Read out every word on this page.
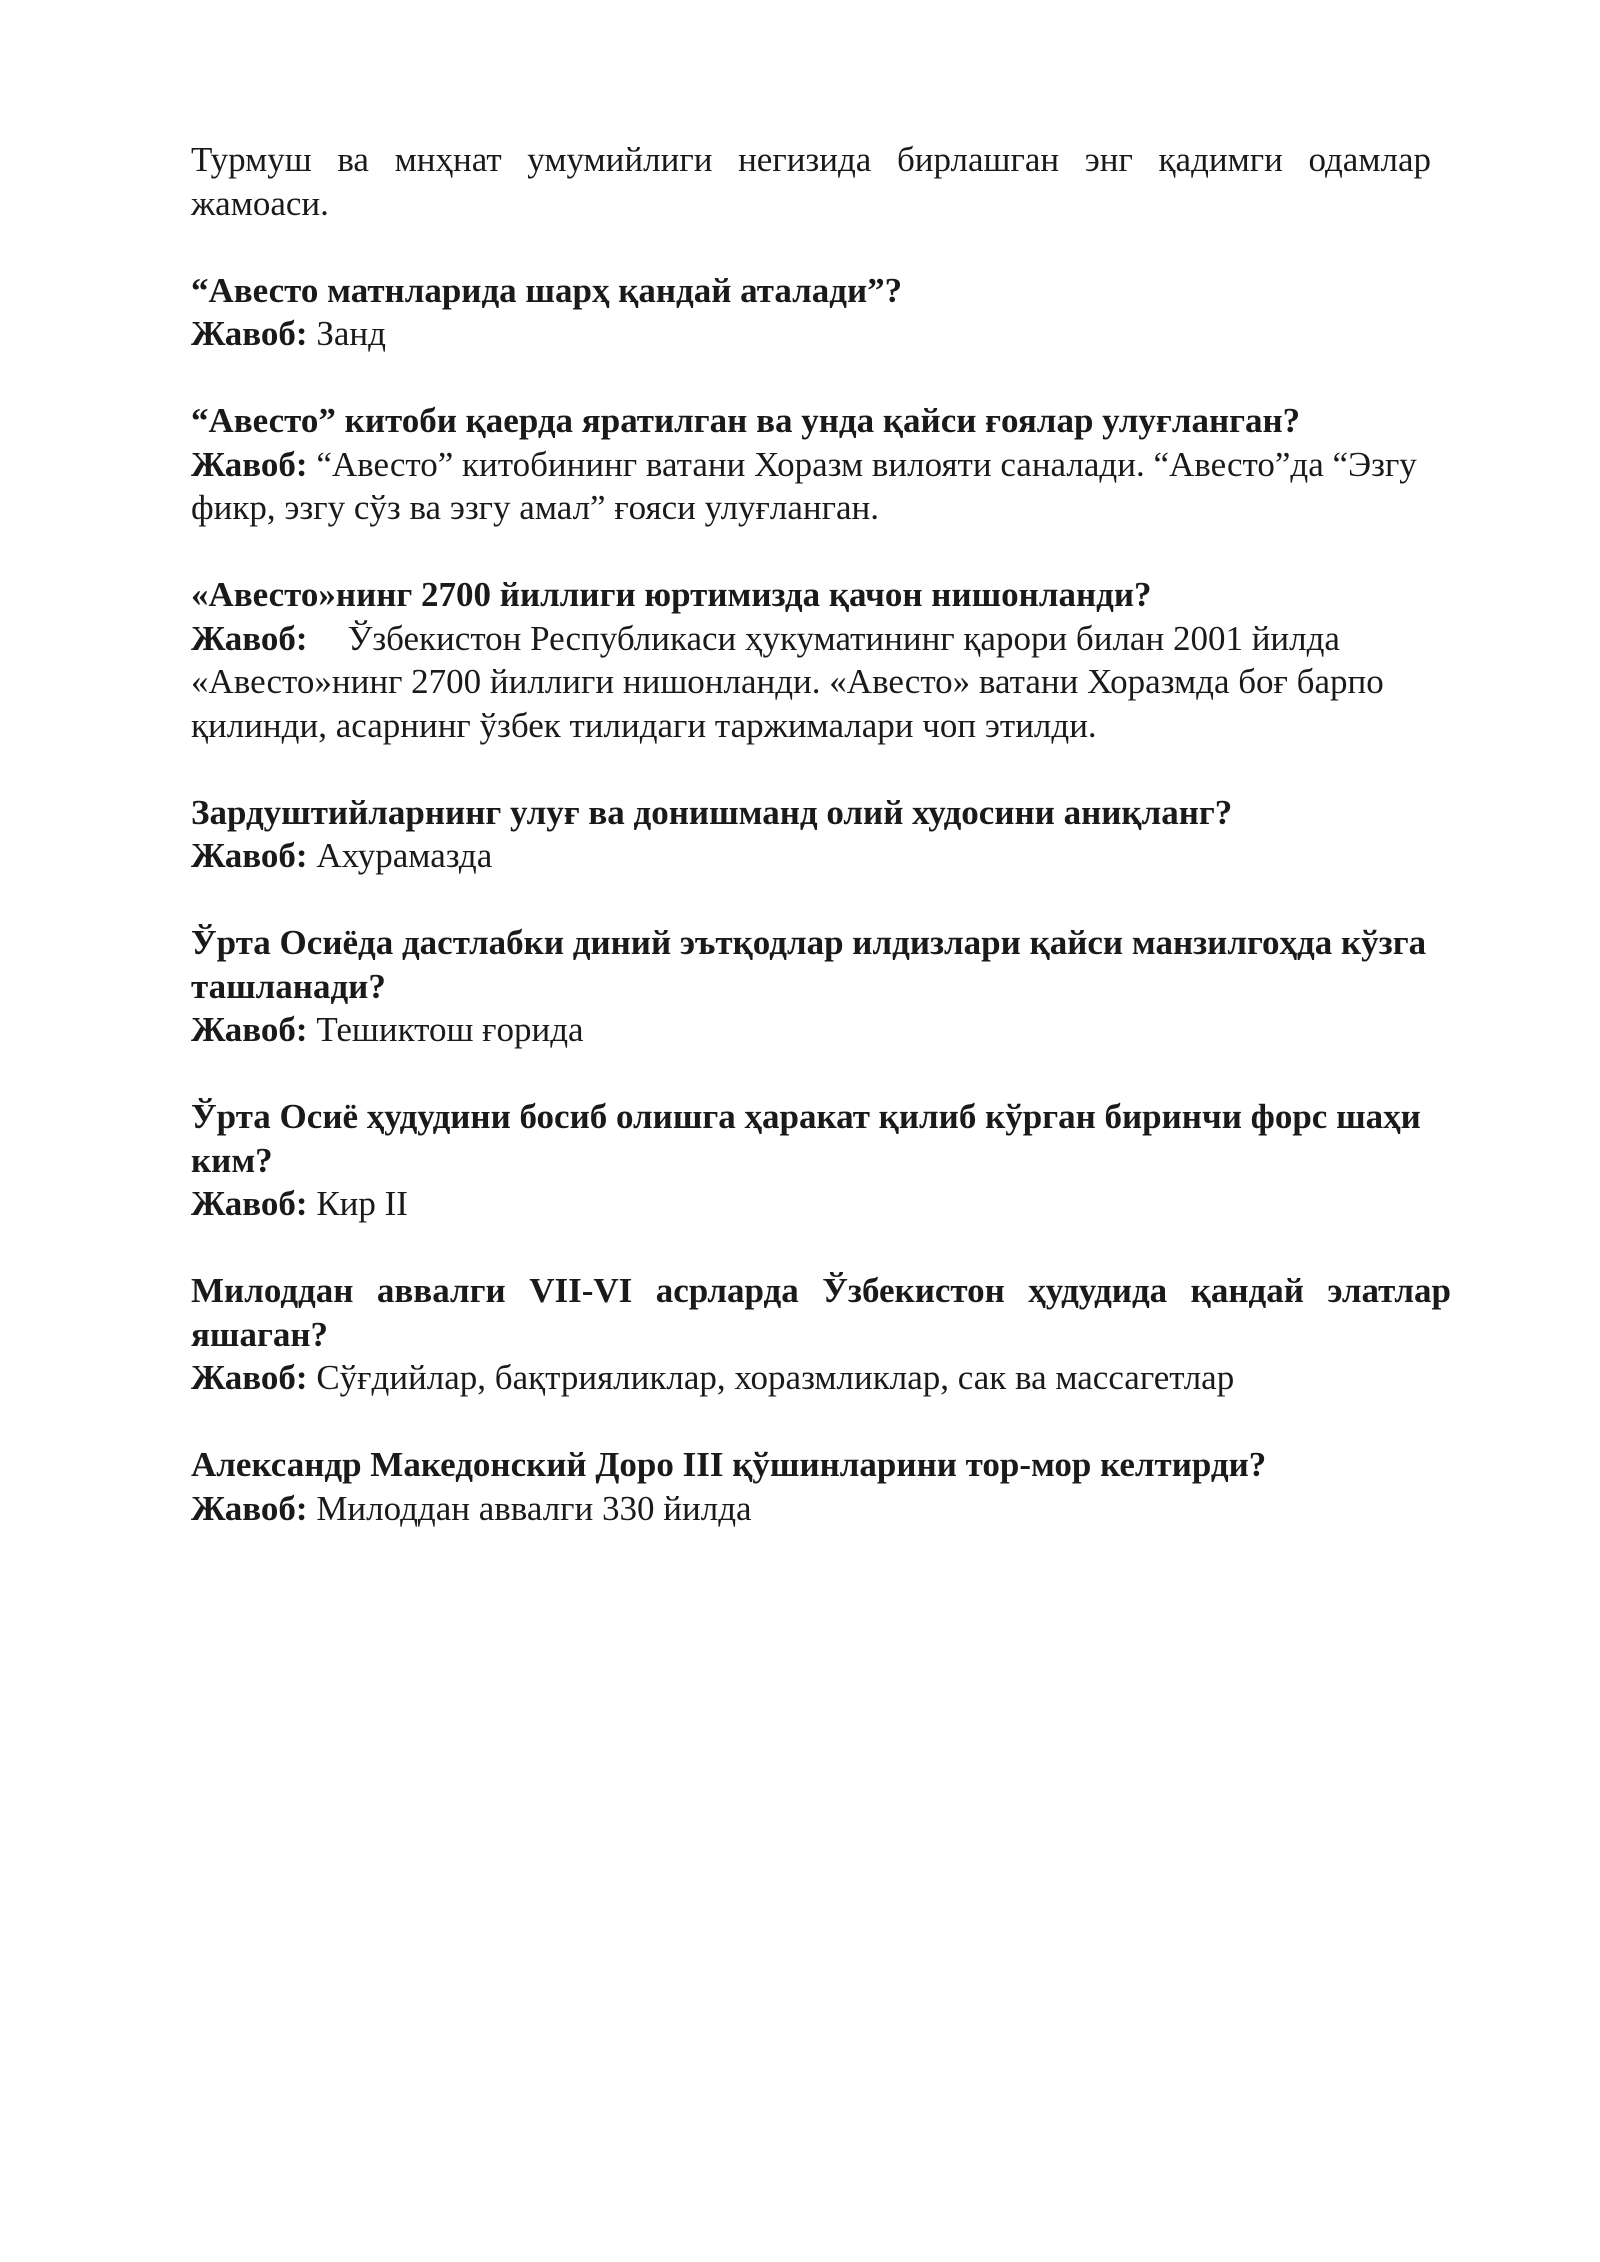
Турмуш ва мнҳнат умумийлиги негизида бирлашган энг қадимги одамлар жамоаси.

“Авесто матнларида шарҳ қандай аталади”?

Жавоб: Занд

“Авесто” китоби қаерда яратилган ва унда қайси ғоялар улуғланган?

Жавоб: “Авесто” китобининг ватани Хоразм вилояти саналади. “Авесто”да “Эзгу фикр, эзгу сўз ва эзгу амал” ғояси улуғланган.

«Авесто»нинг 2700 йиллиги юртимизда қачон нишонланди?

Жавоб: Ўзбекистон Республикаси ҳукуматининг қарори билан 2001 йилда «Авесто»нинг 2700 йиллиги нишонланди. «Авесто» ватани Хоразмда боғ барпо қилинди, асарнинг ўзбек тилидаги таржималари чоп этилди.

Зардуштийларнинг улуғ ва донишманд олий худосини аниқланг?

Жавоб: Ахурамазда

Ўрта Осиёда дастлабки диний эътқодлар илдизлари қайси манзилгоҳда кўзга ташланади?

Жавоб: Тешиктош ғорида

Ўрта Осиё ҳудудини босиб олишга ҳаракат қилиб кўрган биринчи форс шаҳи ким?

Жавоб: Кир II

Милоддан аввалги VII-VI асрларда Ўзбекистон ҳудудида қандай элатлар яшаган?

Жавоб: Сўғдийлар, бақтрияликлар, хоразмликлар, сак ва массагетлар

Александр Македонский Доро III қўшинларини тор-мор келтирди?

Жавоб: Милоддан аввалги 330 йилда
